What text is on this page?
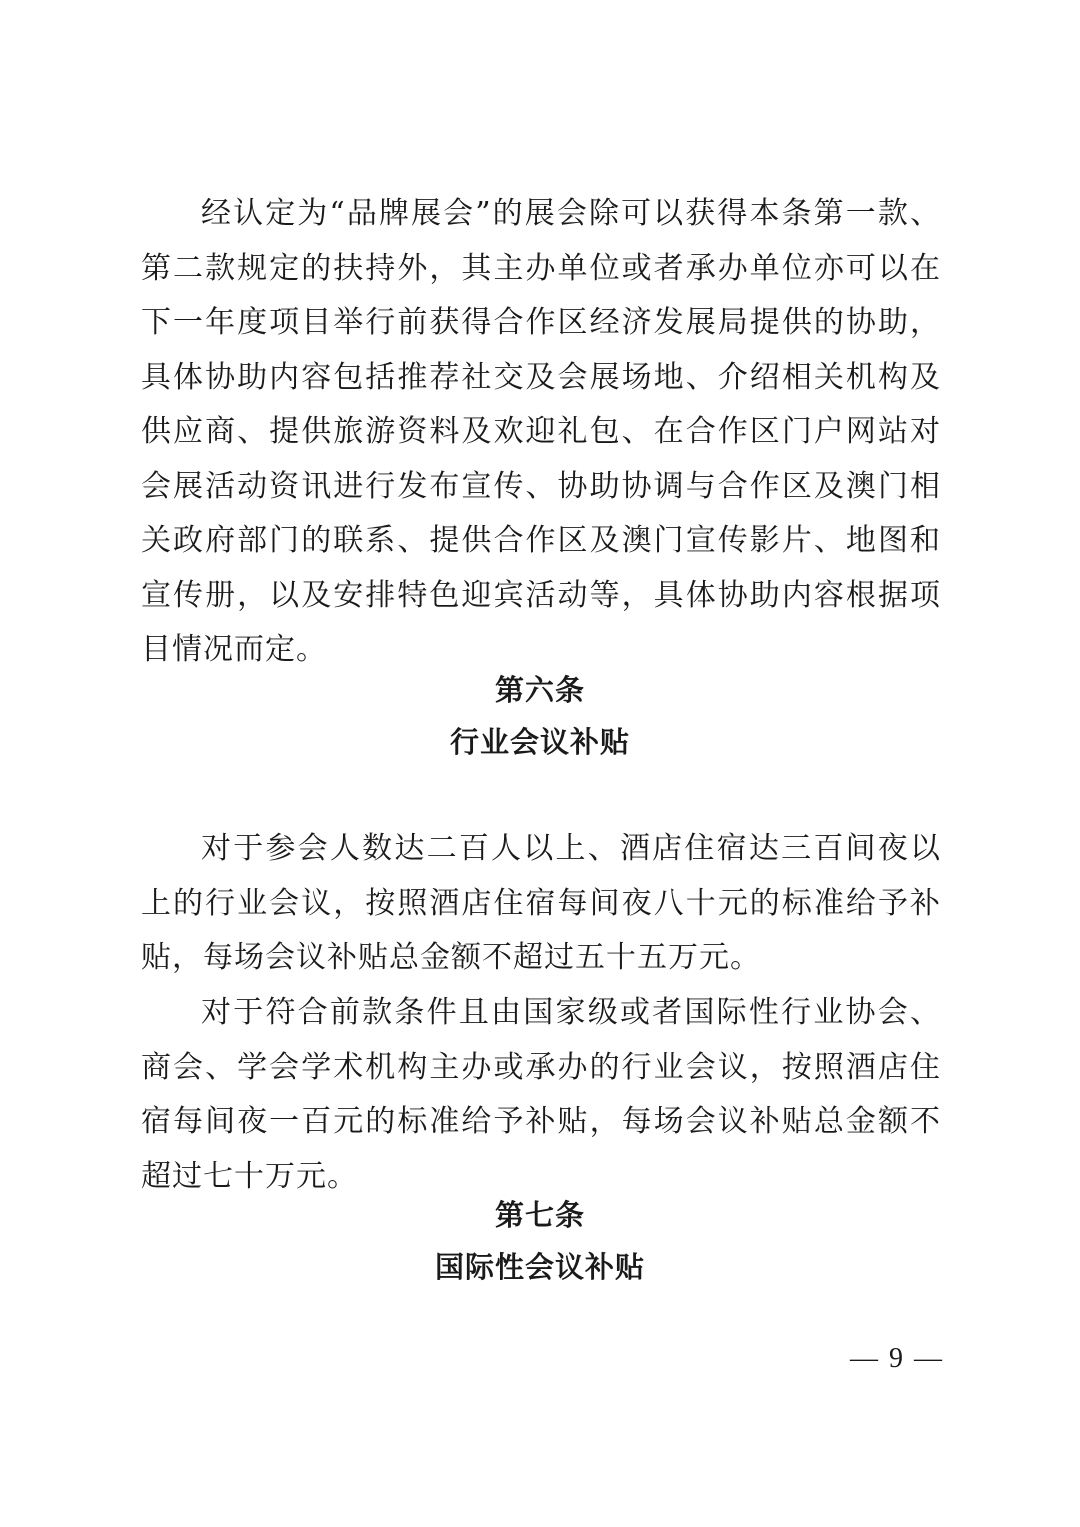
经认定为“品牌展会”的展会除可以获得本条第一款、第二款规定的扶持外，其主办单位或者承办单位亦可以在下一年度项目举行前获得合作区经济发展局提供的协助，具体协助内容包括推荐社交及会展场地、介绍相关机构及供应商、提供旅游资料及欢迎礼包、在合作区门户网站对会展活动资讯进行发布宣传、协助协调与合作区及澳门相关政府部门的联系、提供合作区及澳门宣传影片、地图和宣传册，以及安排特色迎宾活动等，具体协助内容根据项目情况而定。

第六条
行业会议补贴

对于参会人数达二百人以上、酒店住宿达三百间夜以上的行业会议，按照酒店住宿每间夜八十元的标准给予补贴，每场会议补贴总金额不超过五十五万元。

对于符合前款条件且由国家级或者国际性行业协会、商会、学会学术机构主办或承办的行业会议，按照酒店住宿每间夜一百元的标准给予补贴，每场会议补贴总金额不超过七十万元。

第七条
国际性会议补贴
— 9 —
